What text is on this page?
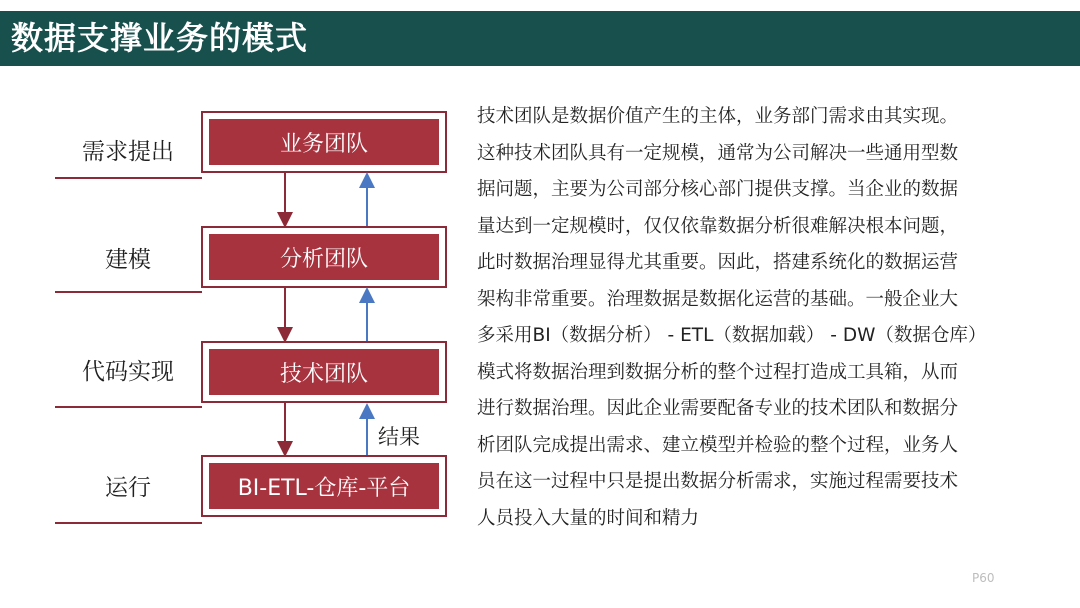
数据支撑业务的模式
需求提出	业务团队
建模	分析团队
代码实现	技术团队
运行	BI-ETL-仓库-平台
结果
技术团队是数据价值产生的主体，业务部门需求由其实现。
这种技术团队具有一定规模，通常为公司解决一些通用型数
据问题，主要为公司部分核心部门提供支撑。当企业的数据
量达到一定规模时，仅仅依靠数据分析很难解决根本问题，
此时数据治理显得尤其重要。因此，搭建系统化的数据运营
架构非常重要。治理数据是数据化运营的基础。一般企业大
多采用BI（数据分析） - ETL（数据加载） - DW（数据仓库）
模式将数据治理到数据分析的整个过程打造成工具箱，从而
进行数据治理。因此企业需要配备专业的技术团队和数据分
析团队完成提出需求、建立模型并检验的整个过程，业务人
员在这一过程中只是提出数据分析需求，实施过程需要技术
人员投入大量的时间和精力
P60
